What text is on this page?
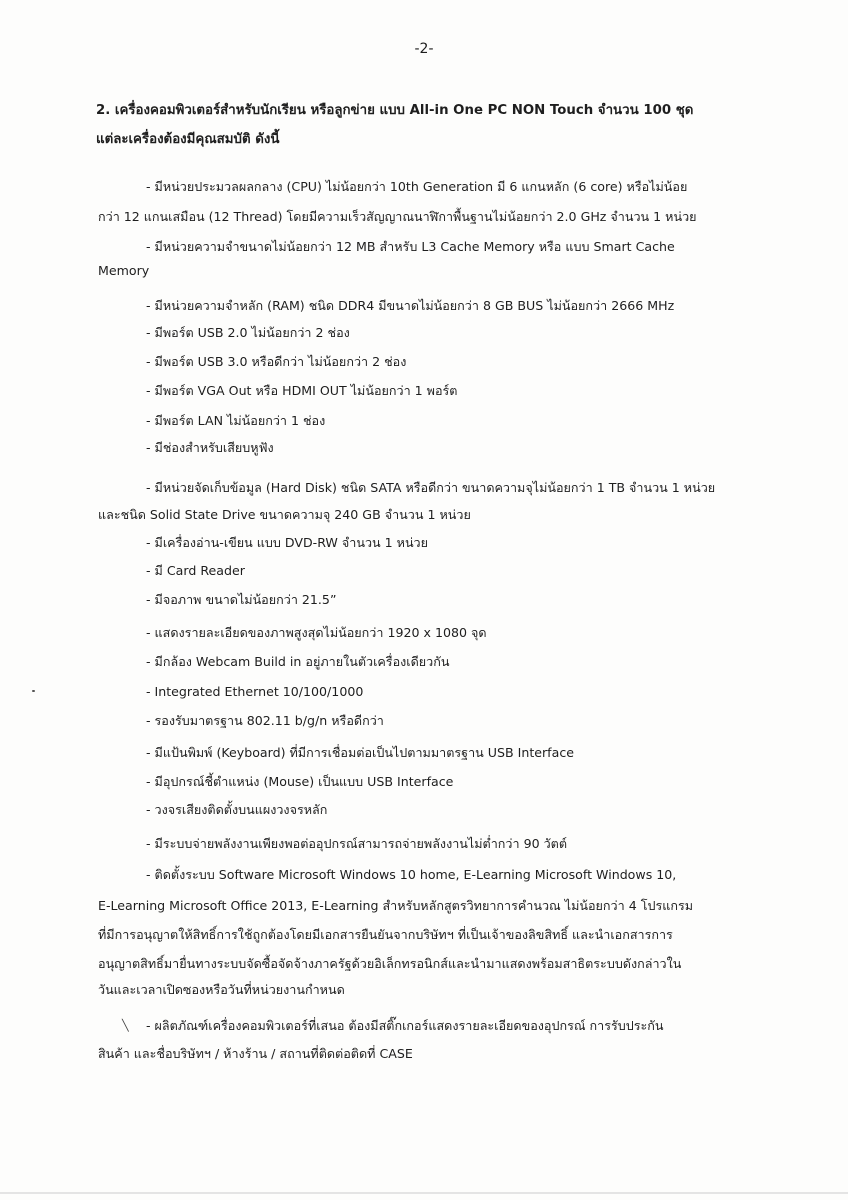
-2-
2. เครื่องคอมพิวเตอร์สำหรับนักเรียน หรือลูกข่าย แบบ All-in One PC NON Touch จำนวน 100 ชุด
แต่ละเครื่องต้องมีคุณสมบัติ ดังนี้
- มีหน่วยประมวลผลกลาง (CPU) ไม่น้อยกว่า 10th Generation มี 6 แกนหลัก (6 core) หรือไม่น้อย
กว่า 12 แกนเสมือน (12 Thread) โดยมีความเร็วสัญญาณนาฬิกาพื้นฐานไม่น้อยกว่า 2.0 GHz จำนวน 1 หน่วย
- มีหน่วยความจำขนาดไม่น้อยกว่า 12 MB สำหรับ L3 Cache Memory หรือ แบบ Smart Cache
Memory
- มีหน่วยความจำหลัก (RAM) ชนิด DDR4 มีขนาดไม่น้อยกว่า 8 GB BUS ไม่น้อยกว่า 2666 MHz
- มีพอร์ต USB 2.0 ไม่น้อยกว่า 2 ช่อง
- มีพอร์ต USB 3.0 หรือดีกว่า ไม่น้อยกว่า 2 ช่อง
- มีพอร์ต VGA Out หรือ HDMI OUT ไม่น้อยกว่า 1 พอร์ต
- มีพอร์ต LAN ไม่น้อยกว่า 1 ช่อง
- มีช่องสำหรับเสียบหูฟัง
- มีหน่วยจัดเก็บข้อมูล (Hard Disk) ชนิด SATA หรือดีกว่า ขนาดความจุไม่น้อยกว่า 1 TB จำนวน 1 หน่วย
และชนิด Solid State Drive ขนาดความจุ 240 GB จำนวน 1 หน่วย
- มีเครื่องอ่าน-เขียน แบบ DVD-RW จำนวน 1 หน่วย
- มี Card Reader
- มีจอภาพ ขนาดไม่น้อยกว่า 21.5”
- แสดงรายละเอียดของภาพสูงสุดไม่น้อยกว่า 1920 x 1080 จุด
- มีกล้อง Webcam Build in อยู่ภายในตัวเครื่องเดียวกัน
- Integrated Ethernet 10/100/1000
- รองรับมาตรฐาน 802.11 b/g/n หรือดีกว่า
- มีแป้นพิมพ์ (Keyboard) ที่มีการเชื่อมต่อเป็นไปตามมาตรฐาน USB Interface
- มีอุปกรณ์ชี้ตำแหน่ง (Mouse) เป็นแบบ USB Interface
- วงจรเสียงติดตั้งบนแผงวงจรหลัก
- มีระบบจ่ายพลังงานเพียงพอต่ออุปกรณ์สามารถจ่ายพลังงานไม่ต่ำกว่า 90 วัตต์
- ติดตั้งระบบ Software Microsoft Windows 10 home, E-Learning Microsoft Windows 10,
E-Learning Microsoft Office 2013, E-Learning สำหรับหลักสูตรวิทยาการคำนวณ ไม่น้อยกว่า 4 โปรแกรม
ที่มีการอนุญาตให้สิทธิ์การใช้ถูกต้องโดยมีเอกสารยืนยันจากบริษัทฯ ที่เป็นเจ้าของลิขสิทธิ์ และนำเอกสารการ
อนุญาตสิทธิ์มายื่นทางระบบจัดซื้อจัดจ้างภาครัฐด้วยอิเล็กทรอนิกส์และนำมาแสดงพร้อมสาธิตระบบดังกล่าวใน
วันและเวลาเปิดซองหรือวันที่หน่วยงานกำหนด
- ผลิตภัณฑ์เครื่องคอมพิวเตอร์ที่เสนอ ต้องมีสติ๊กเกอร์แสดงรายละเอียดของอุปกรณ์ การรับประกัน
สินค้า และชื่อบริษัทฯ / ห้างร้าน / สถานที่ติดต่อติดที่ CASE
╲
